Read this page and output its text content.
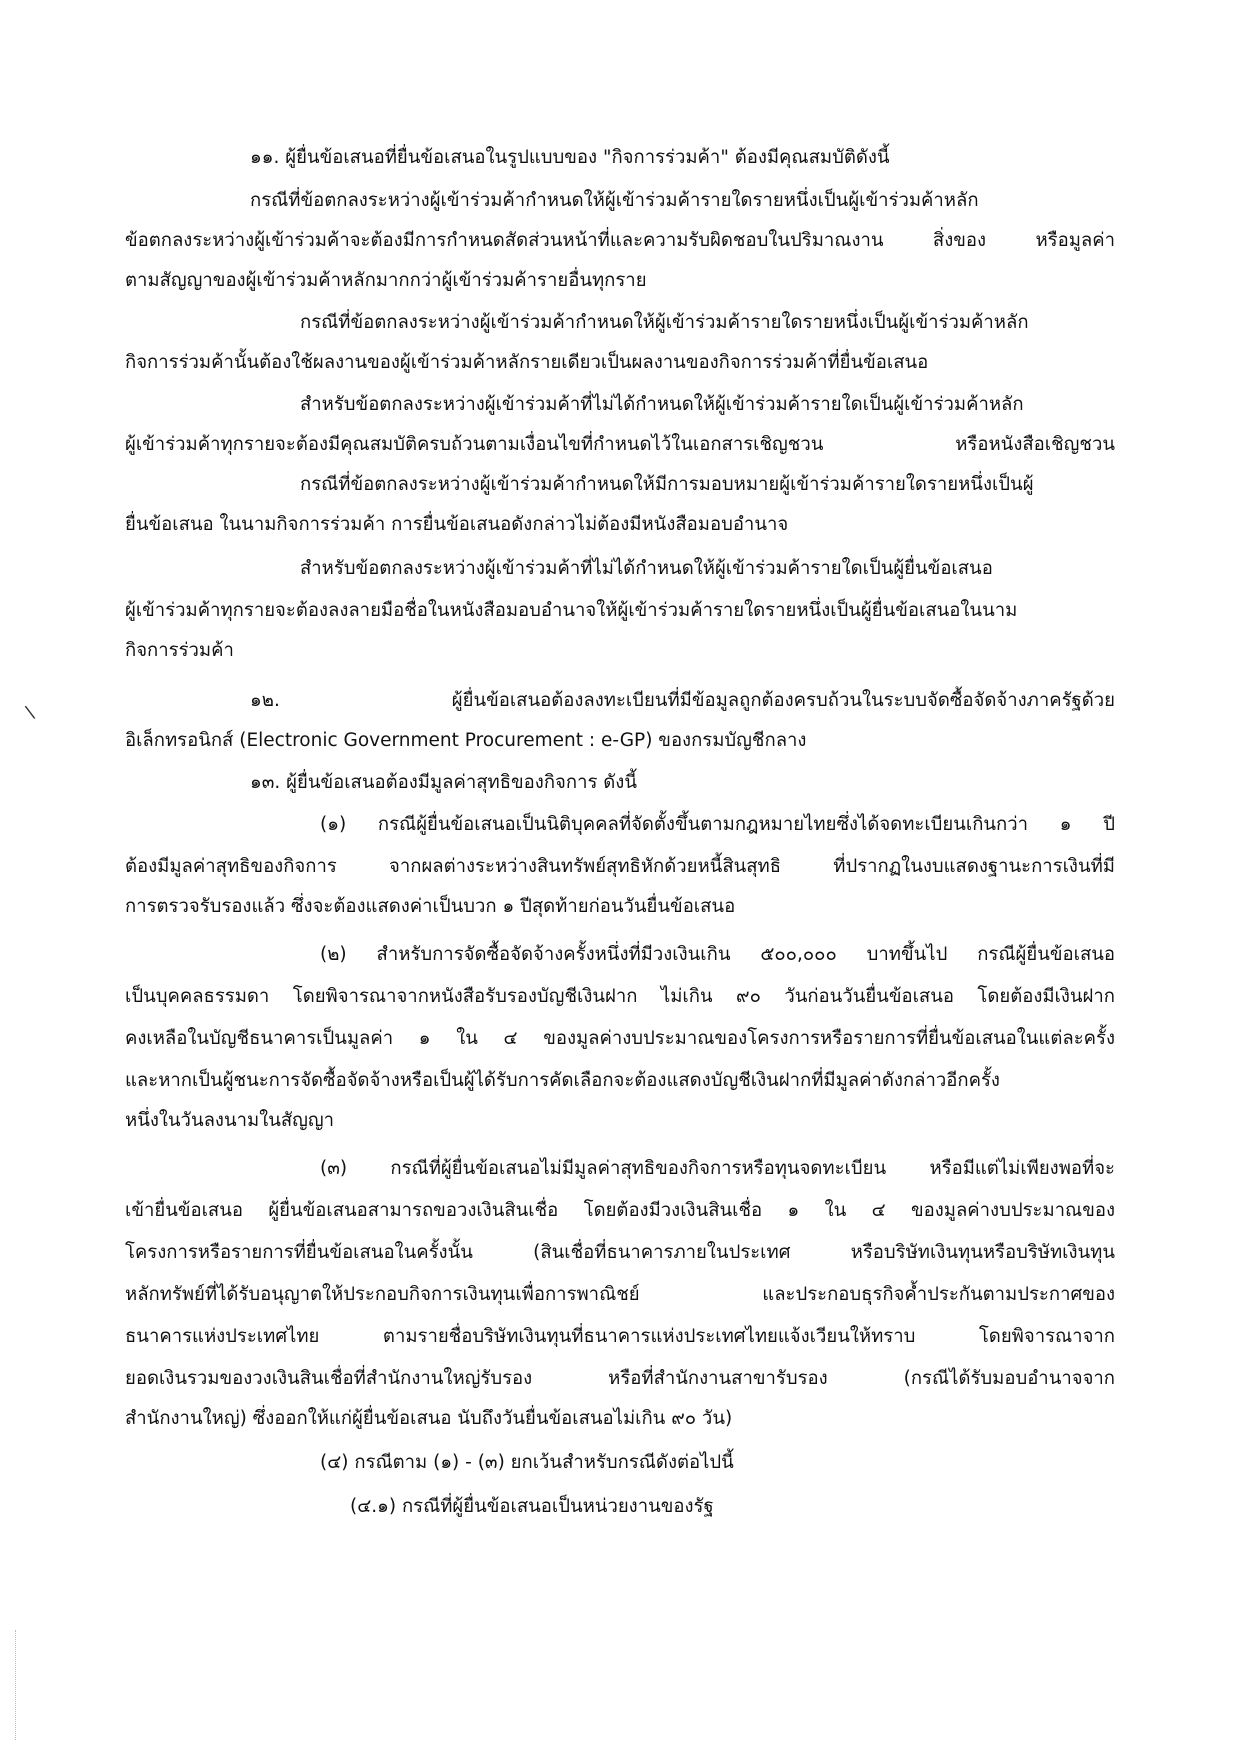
๑๑. ผู้ยื่นข้อเสนอที่ยื่นข้อเสนอในรูปแบบของ "กิจการร่วมค้า" ต้องมีคุณสมบัติดังนี้
กรณีที่ข้อตกลงระหว่างผู้เข้าร่วมค้ากำหนดให้ผู้เข้าร่วมค้ารายใดรายหนึ่งเป็นผู้เข้าร่วมค้าหลัก
ข้อตกลงระหว่างผู้เข้าร่วมค้าจะต้องมีการกำหนดสัดส่วนหน้าที่และความรับผิดชอบในปริมาณงาน สิ่งของ หรือมูลค่า
ตามสัญญาของผู้เข้าร่วมค้าหลักมากกว่าผู้เข้าร่วมค้ารายอื่นทุกราย
กรณีที่ข้อตกลงระหว่างผู้เข้าร่วมค้ากำหนดให้ผู้เข้าร่วมค้ารายใดรายหนึ่งเป็นผู้เข้าร่วมค้าหลัก
กิจการร่วมค้านั้นต้องใช้ผลงานของผู้เข้าร่วมค้าหลักรายเดียวเป็นผลงานของกิจการร่วมค้าที่ยื่นข้อเสนอ
สำหรับข้อตกลงระหว่างผู้เข้าร่วมค้าที่ไม่ได้กำหนดให้ผู้เข้าร่วมค้ารายใดเป็นผู้เข้าร่วมค้าหลัก
ผู้เข้าร่วมค้าทุกรายจะต้องมีคุณสมบัติครบถ้วนตามเงื่อนไขที่กำหนดไว้ในเอกสารเชิญชวน หรือหนังสือเชิญชวน
กรณีที่ข้อตกลงระหว่างผู้เข้าร่วมค้ากำหนดให้มีการมอบหมายผู้เข้าร่วมค้ารายใดรายหนึ่งเป็นผู้
ยื่นข้อเสนอ ในนามกิจการร่วมค้า การยื่นข้อเสนอดังกล่าวไม่ต้องมีหนังสือมอบอำนาจ
สำหรับข้อตกลงระหว่างผู้เข้าร่วมค้าที่ไม่ได้กำหนดให้ผู้เข้าร่วมค้ารายใดเป็นผู้ยื่นข้อเสนอ
ผู้เข้าร่วมค้าทุกรายจะต้องลงลายมือชื่อในหนังสือมอบอำนาจให้ผู้เข้าร่วมค้ารายใดรายหนึ่งเป็นผู้ยื่นข้อเสนอในนาม
กิจการร่วมค้า
๑๒. ผู้ยื่นข้อเสนอต้องลงทะเบียนที่มีข้อมูลถูกต้องครบถ้วนในระบบจัดซื้อจัดจ้างภาครัฐด้วย
อิเล็กทรอนิกส์ (Electronic Government Procurement : e-GP) ของกรมบัญชีกลาง
๑๓. ผู้ยื่นข้อเสนอต้องมีมูลค่าสุทธิของกิจการ ดังนี้
(๑) กรณีผู้ยื่นข้อเสนอเป็นนิติบุคคลที่จัดตั้งขึ้นตามกฎหมายไทยซึ่งได้จดทะเบียนเกินกว่า ๑ ปี
ต้องมีมูลค่าสุทธิของกิจการ จากผลต่างระหว่างสินทรัพย์สุทธิหักด้วยหนี้สินสุทธิ ที่ปรากฏในงบแสดงฐานะการเงินที่มี
การตรวจรับรองแล้ว ซึ่งจะต้องแสดงค่าเป็นบวก ๑ ปีสุดท้ายก่อนวันยื่นข้อเสนอ
(๒) สำหรับการจัดซื้อจัดจ้างครั้งหนึ่งที่มีวงเงินเกิน ๕๐๐,๐๐๐ บาทขึ้นไป กรณีผู้ยื่นข้อเสนอ
เป็นบุคคลธรรมดา โดยพิจารณาจากหนังสือรับรองบัญชีเงินฝาก ไม่เกิน ๙๐ วันก่อนวันยื่นข้อเสนอ โดยต้องมีเงินฝาก
คงเหลือในบัญชีธนาคารเป็นมูลค่า ๑ ใน ๔ ของมูลค่างบประมาณของโครงการหรือรายการที่ยื่นข้อเสนอในแต่ละครั้ง
และหากเป็นผู้ชนะการจัดซื้อจัดจ้างหรือเป็นผู้ได้รับการคัดเลือกจะต้องแสดงบัญชีเงินฝากที่มีมูลค่าดังกล่าวอีกครั้ง
หนึ่งในวันลงนามในสัญญา
(๓) กรณีที่ผู้ยื่นข้อเสนอไม่มีมูลค่าสุทธิของกิจการหรือทุนจดทะเบียน หรือมีแต่ไม่เพียงพอที่จะ
เข้ายื่นข้อเสนอ ผู้ยื่นข้อเสนอสามารถขอวงเงินสินเชื่อ โดยต้องมีวงเงินสินเชื่อ ๑ ใน ๔ ของมูลค่างบประมาณของ
โครงการหรือรายการที่ยื่นข้อเสนอในครั้งนั้น (สินเชื่อที่ธนาคารภายในประเทศ หรือบริษัทเงินทุนหรือบริษัทเงินทุน
หลักทรัพย์ที่ได้รับอนุญาตให้ประกอบกิจการเงินทุนเพื่อการพาณิชย์ และประกอบธุรกิจค้ำประกันตามประกาศของ
ธนาคารแห่งประเทศไทย ตามรายชื่อบริษัทเงินทุนที่ธนาคารแห่งประเทศไทยแจ้งเวียนให้ทราบ โดยพิจารณาจาก
ยอดเงินรวมของวงเงินสินเชื่อที่สำนักงานใหญ่รับรอง หรือที่สำนักงานสาขารับรอง (กรณีได้รับมอบอำนาจจาก
สำนักงานใหญ่) ซึ่งออกให้แก่ผู้ยื่นข้อเสนอ นับถึงวันยื่นข้อเสนอไม่เกิน ๙๐ วัน)
(๔) กรณีตาม (๑) - (๓) ยกเว้นสำหรับกรณีดังต่อไปนี้
(๔.๑) กรณีที่ผู้ยื่นข้อเสนอเป็นหน่วยงานของรัฐ
\
